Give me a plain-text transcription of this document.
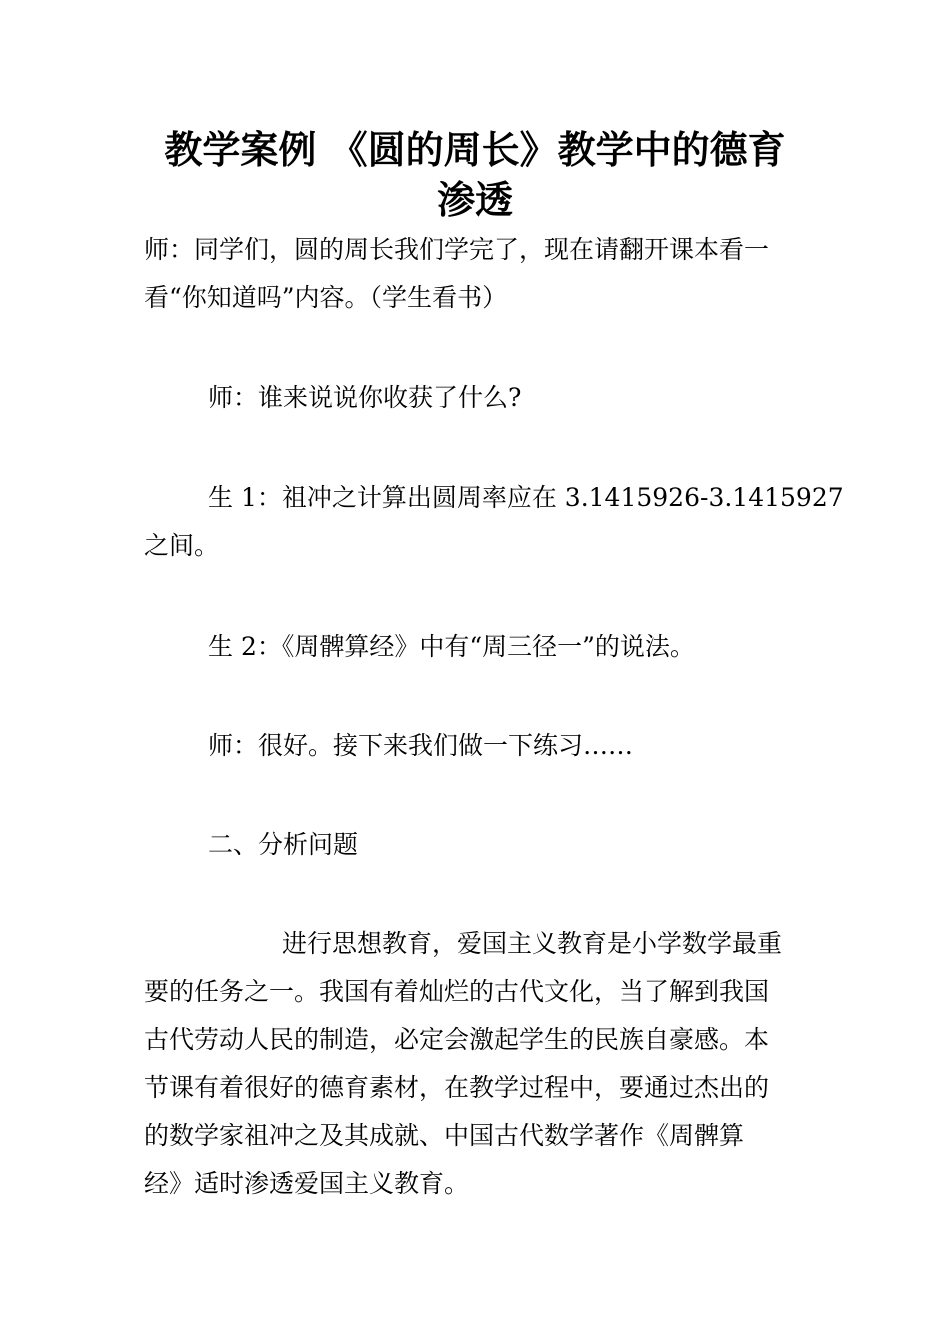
教学案例 《圆的周长》教学中的德育
渗透
师：同学们，圆的周长我们学完了，现在请翻开课本看一
看“你知道吗”内容。（学生看书）
师：谁来说说你收获了什么?
生 1：祖冲之计算出圆周率应在 3.1415926-3.1415927
之间。
生 2：《周髀算经》中有“周三径一”的说法。
师：很好。接下来我们做一下练习……
二、分析问题
进行思想教育，爱国主义教育是小学数学最重
要的任务之一。我国有着灿烂的古代文化，当了解到我国
古代劳动人民的制造，必定会激起学生的民族自豪感。本
节课有着很好的德育素材，在教学过程中，要通过杰出的
的数学家祖冲之及其成就、中国古代数学著作《周髀算
经》适时渗透爱国主义教育。
